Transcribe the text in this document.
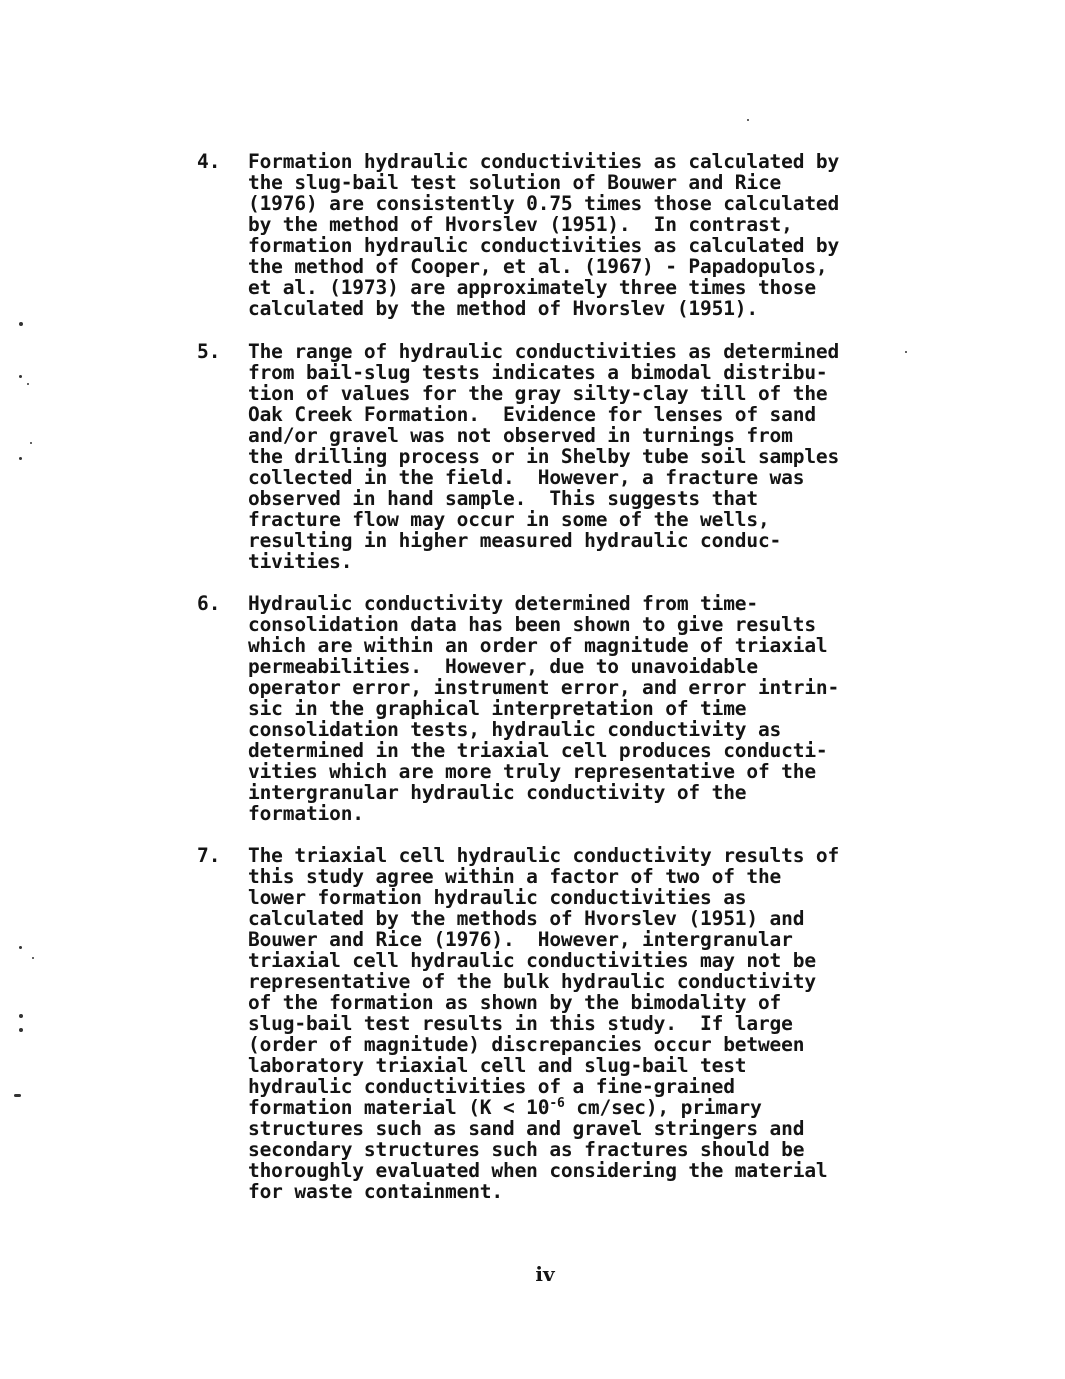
4. Formation hydraulic conductivities as calculated by
the slug-bail test solution of Bouwer and Rice
(1976) are consistently 0.75 times those calculated
by the method of Hvorslev (1951).  In contrast,
formation hydraulic conductivities as calculated by
the method of Cooper, et al. (1967) - Papadopulos,
et al. (1973) are approximately three times those
calculated by the method of Hvorslev (1951).
5. The range of hydraulic conductivities as determined
from bail-slug tests indicates a bimodal distribu-
tion of values for the gray silty-clay till of the
Oak Creek Formation.  Evidence for lenses of sand
and/or gravel was not observed in turnings from
the drilling process or in Shelby tube soil samples
collected in the field.  However, a fracture was
observed in hand sample.  This suggests that
fracture flow may occur in some of the wells,
resulting in higher measured hydraulic conduc-
tivities.
6. Hydraulic conductivity determined from time-
consolidation data has been shown to give results
which are within an order of magnitude of triaxial
permeabilities.  However, due to unavoidable
operator error, instrument error, and error intrin-
sic in the graphical interpretation of time
consolidation tests, hydraulic conductivity as
determined in the triaxial cell produces conducti-
vities which are more truly representative of the
intergranular hydraulic conductivity of the
formation.
7. The triaxial cell hydraulic conductivity results of
this study agree within a factor of two of the
lower formation hydraulic conductivities as
calculated by the methods of Hvorslev (1951) and
Bouwer and Rice (1976).  However, intergranular
triaxial cell hydraulic conductivities may not be
representative of the bulk hydraulic conductivity
of the formation as shown by the bimodality of
slug-bail test results in this study.  If large
(order of magnitude) discrepancies occur between
laboratory triaxial cell and slug-bail test
hydraulic conductivities of a fine-grained
formation material ($K < 10^{-6}$ cm/sec), primary
structures such as sand and gravel stringers and
secondary structures such as fractures should be
thoroughly evaluated when considering the material
for waste containment.
iv
